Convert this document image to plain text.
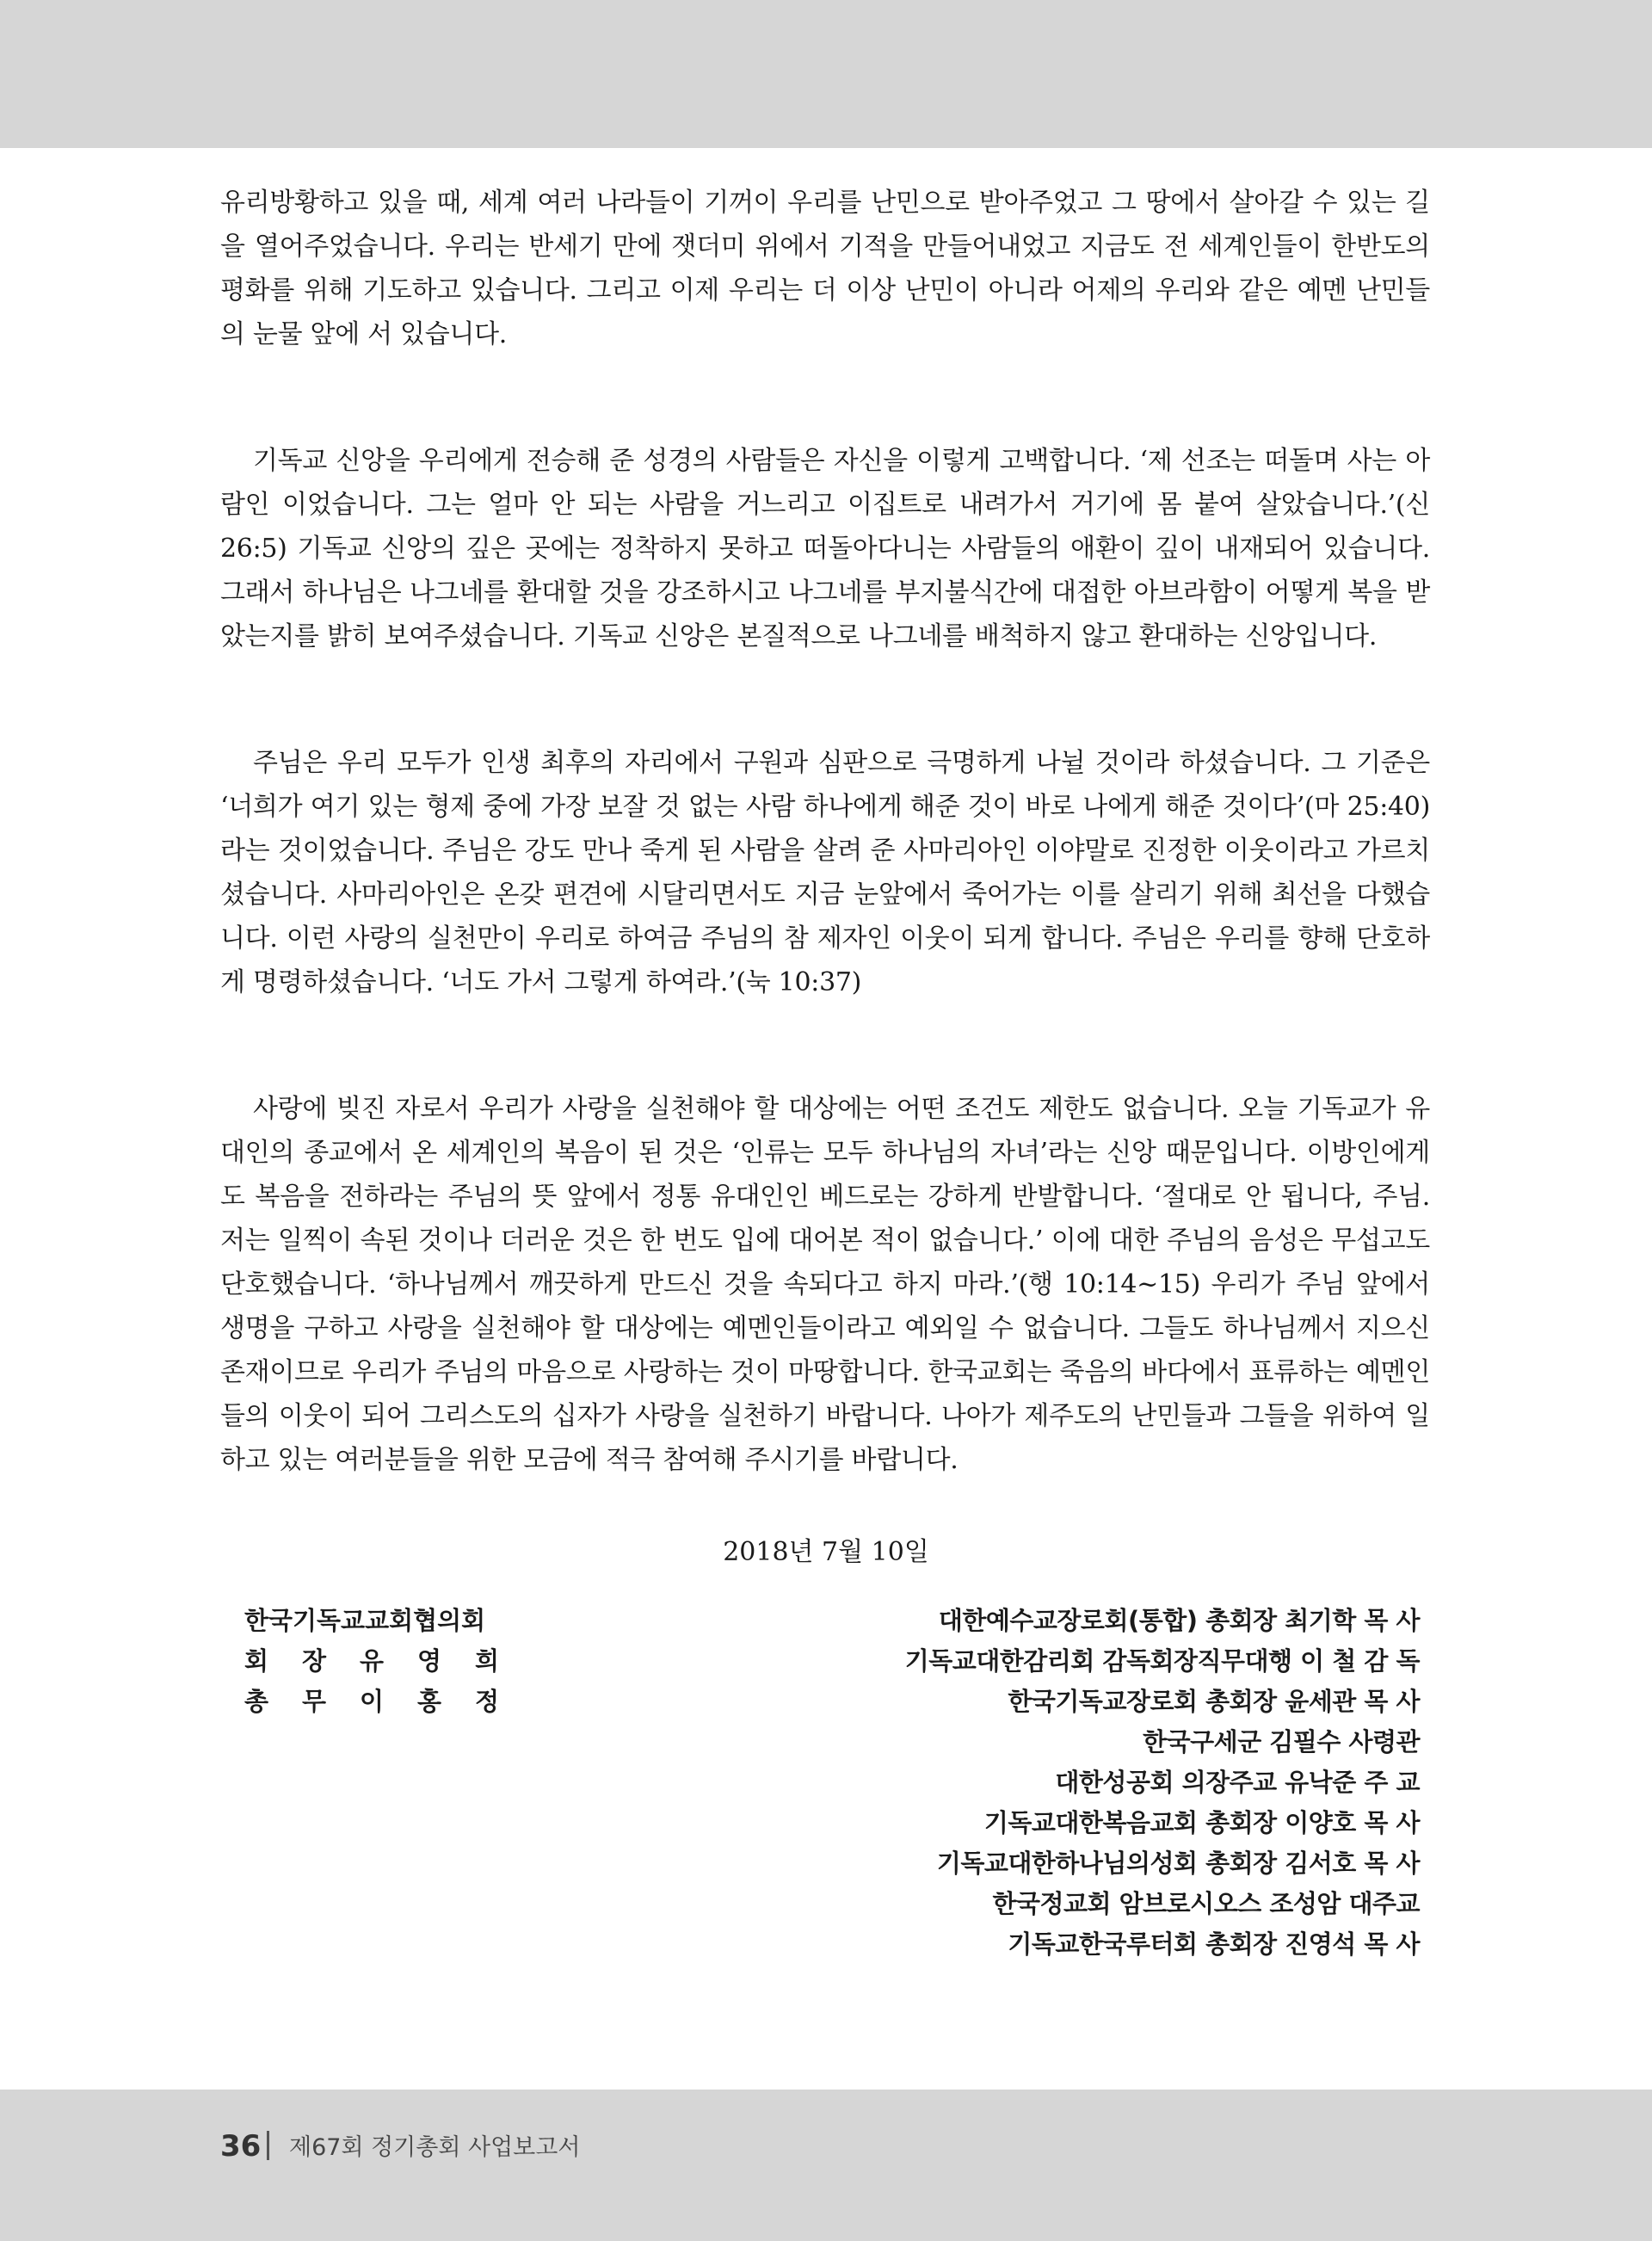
유리방황하고 있을 때, 세계 여러 나라들이 기꺼이 우리를 난민으로 받아주었고 그 땅에서 살아갈 수 있는 길을 열어주었습니다. 우리는 반세기 만에 잿더미 위에서 기적을 만들어내었고 지금도 전 세계인들이 한반도의 평화를 위해 기도하고 있습니다. 그리고 이제 우리는 더 이상 난민이 아니라 어제의 우리와 같은 예멘 난민들의 눈물 앞에 서 있습니다.

기독교 신앙을 우리에게 전승해 준 성경의 사람들은 자신을 이렇게 고백합니다. ‘제 선조는 떠돌며 사는 아람인 이었습니다. 그는 얼마 안 되는 사람을 거느리고 이집트로 내려가서 거기에 몸 붙여 살았습니다.’(신 26:5) 기독교 신앙의 깊은 곳에는 정착하지 못하고 떠돌아다니는 사람들의 애환이 깊이 내재되어 있습니다. 그래서 하나님은 나그네를 환대할 것을 강조하시고 나그네를 부지불식간에 대접한 아브라함이 어떻게 복을 받았는지를 밝히 보여주셨습니다. 기독교 신앙은 본질적으로 나그네를 배척하지 않고 환대하는 신앙입니다.

주님은 우리 모두가 인생 최후의 자리에서 구원과 심판으로 극명하게 나뉠 것이라 하셨습니다. 그 기준은 ‘너희가 여기 있는 형제 중에 가장 보잘 것 없는 사람 하나에게 해준 것이 바로 나에게 해준 것이다’(마 25:40)라는 것이었습니다. 주님은 강도 만나 죽게 된 사람을 살려 준 사마리아인 이야말로 진정한 이웃이라고 가르치셨습니다. 사마리아인은 온갖 편견에 시달리면서도 지금 눈앞에서 죽어가는 이를 살리기 위해 최선을 다했습니다. 이런 사랑의 실천만이 우리로 하여금 주님의 참 제자인 이웃이 되게 합니다. 주님은 우리를 향해 단호하게 명령하셨습니다. ‘너도 가서 그렇게 하여라.’(눅 10:37)

사랑에 빚진 자로서 우리가 사랑을 실천해야 할 대상에는 어떤 조건도 제한도 없습니다. 오늘 기독교가 유대인의 종교에서 온 세계인의 복음이 된 것은 ‘인류는 모두 하나님의 자녀’라는 신앙 때문입니다. 이방인에게도 복음을 전하라는 주님의 뜻 앞에서 정통 유대인인 베드로는 강하게 반발합니다. ‘절대로 안 됩니다, 주님. 저는 일찍이 속된 것이나 더러운 것은 한 번도 입에 대어본 적이 없습니다.’ 이에 대한 주님의 음성은 무섭고도 단호했습니다. ‘하나님께서 깨끗하게 만드신 것을 속되다고 하지 마라.’(행 10:14~15) 우리가 주님 앞에서 생명을 구하고 사랑을 실천해야 할 대상에는 예멘인들이라고 예외일 수 없습니다. 그들도 하나님께서 지으신 존재이므로 우리가 주님의 마음으로 사랑하는 것이 마땅합니다. 한국교회는 죽음의 바다에서 표류하는 예멘인들의 이웃이 되어 그리스도의 십자가 사랑을 실천하기 바랍니다. 나아가 제주도의 난민들과 그들을 위하여 일하고 있는 여러분들을 위한 모금에 적극 참여해 주시기를 바랍니다.

2018년 7월 10일
한국기독교교회협의회
회 장 유 영 희
총 무 이 홍 정
대한예수교장로회(통합) 총회장 최기학 목 사
기독교대한감리회 감독회장직무대행 이 철 감 독
한국기독교장로회 총회장 윤세관 목 사
한국구세군 김필수 사령관
대한성공회 의장주교 유낙준 주 교
기독교대한복음교회 총회장 이양호 목 사
기독교대한하나님의성회 총회장 김서호 목 사
한국정교회 암브로시오스 조성암 대주교
기독교한국루터회 총회장 진영석 목 사
36 제67회 정기총회 사업보고서
